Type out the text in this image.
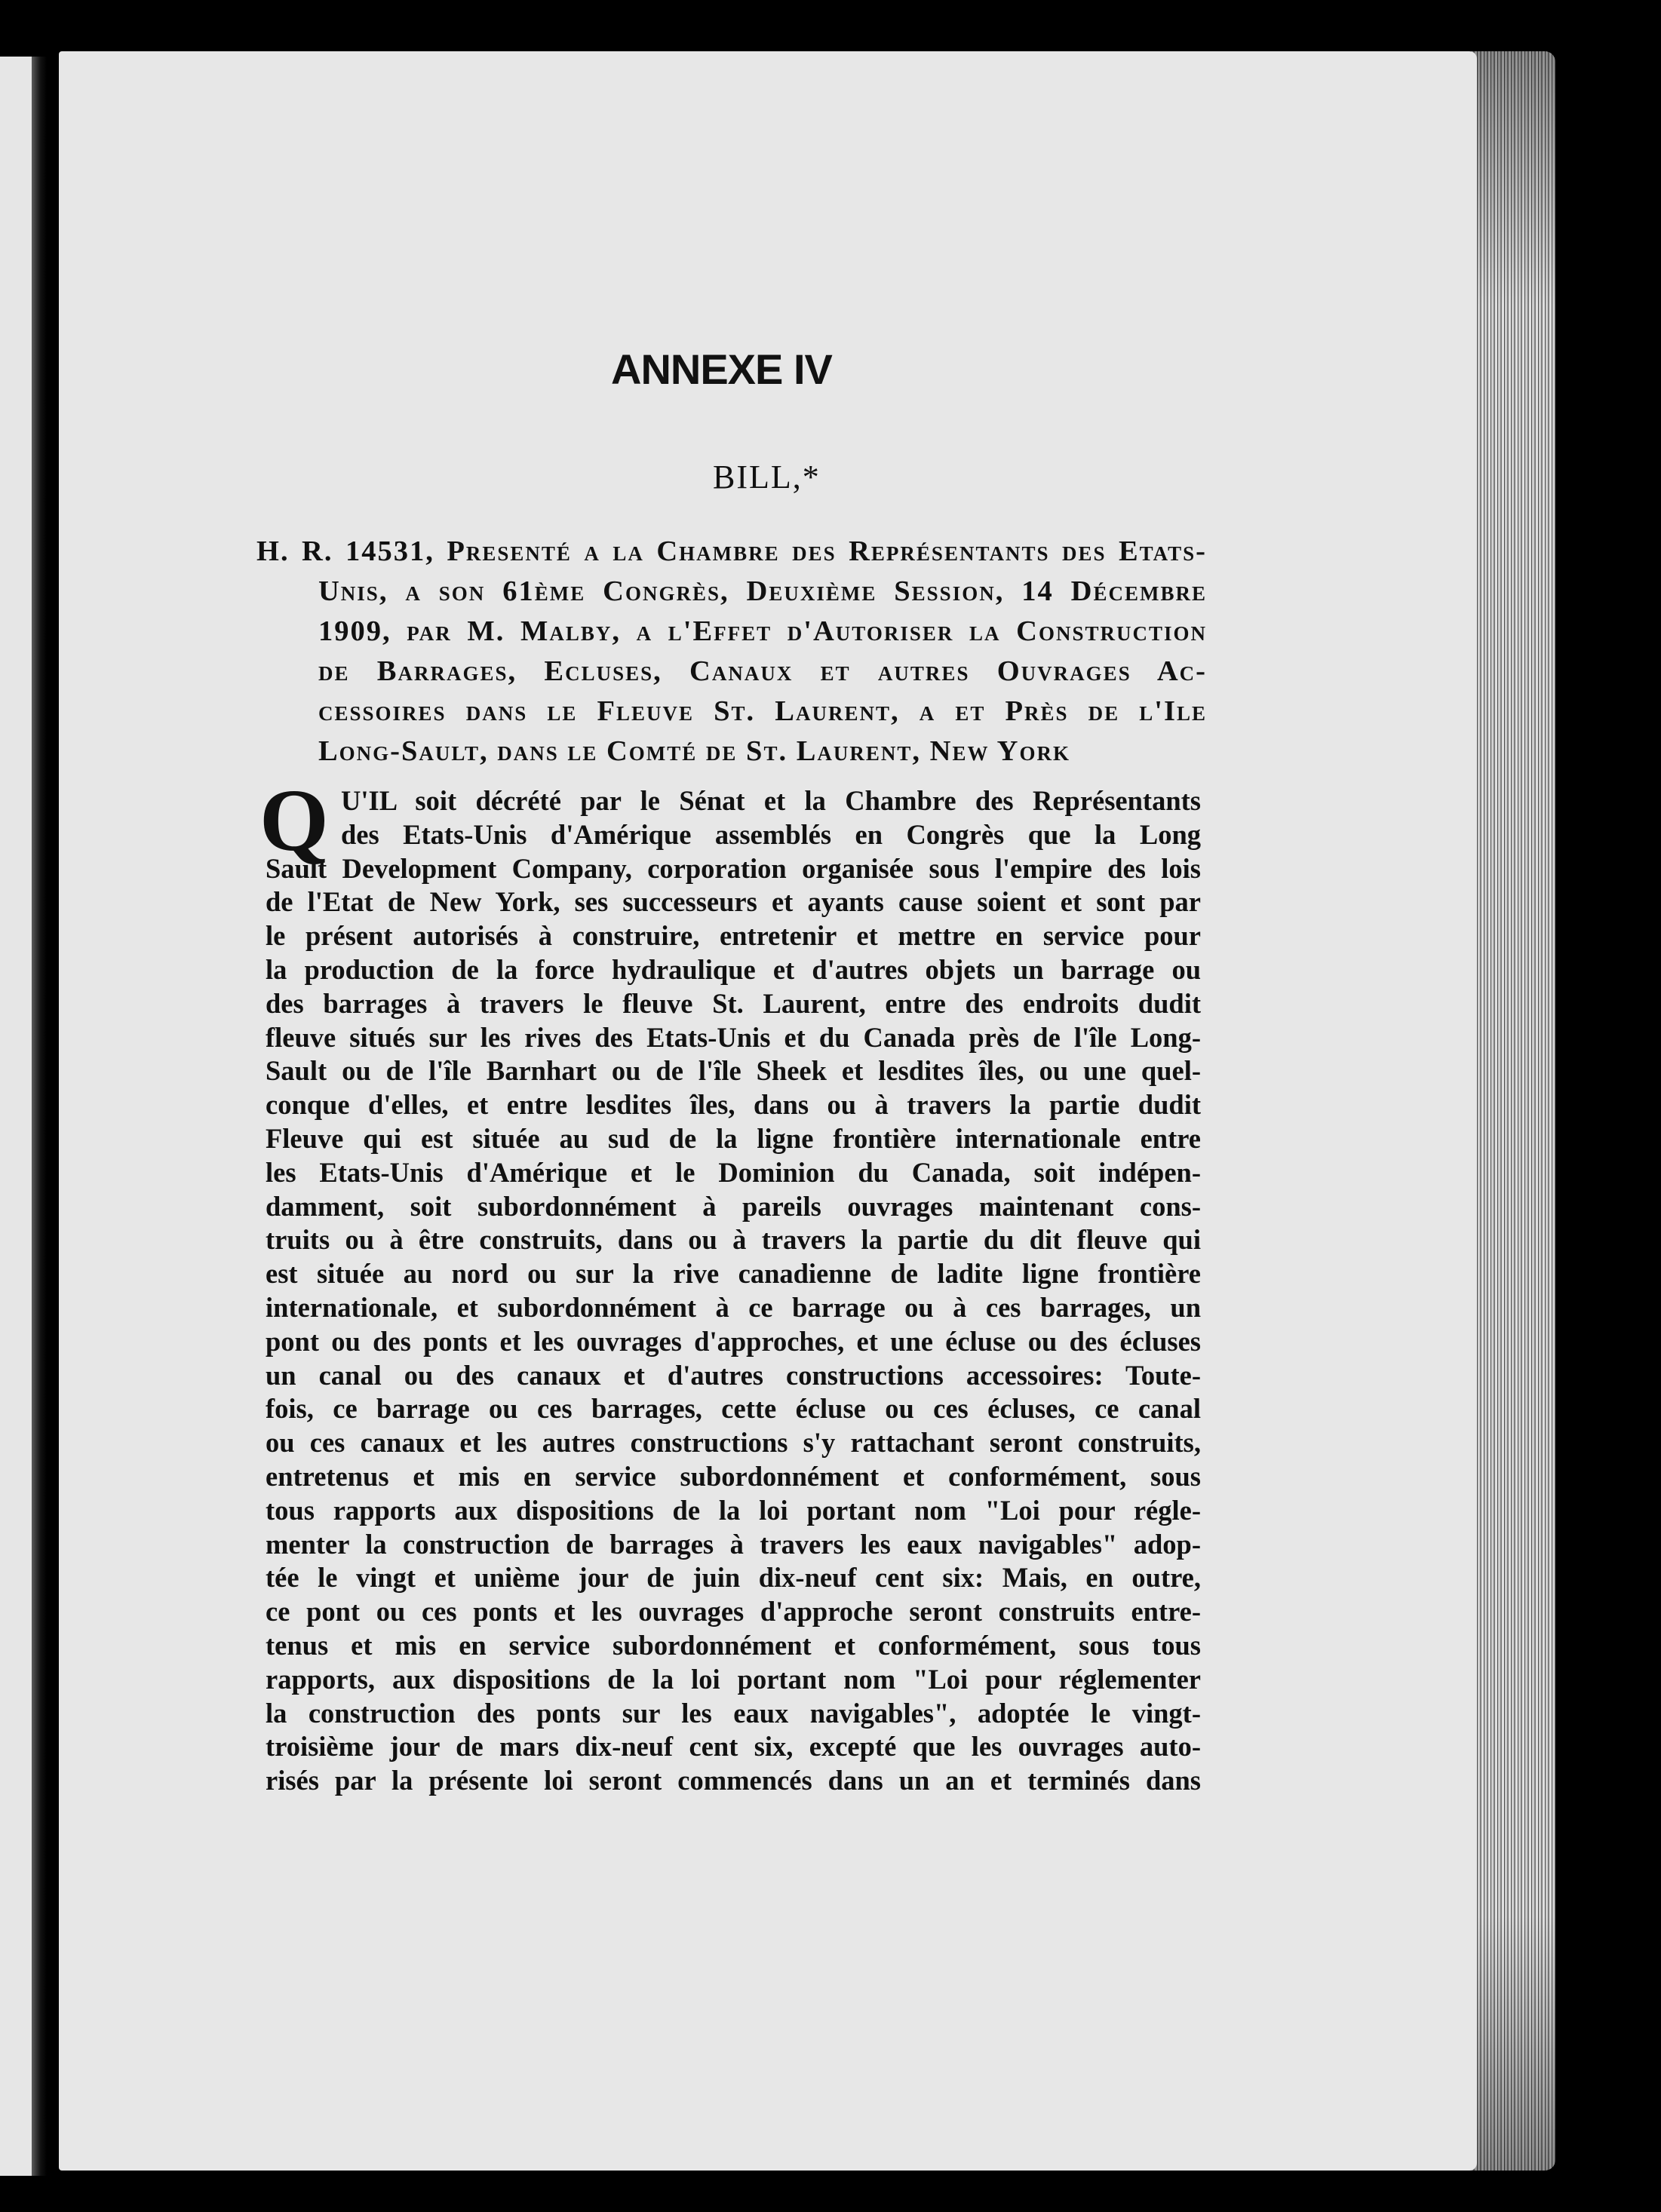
ANNEXE IV

BILL,*

H. R. 14531, Presenté a la Chambre des Représentants des Etats-
Unis, a son 61ème Congrès, Deuxième Session, 14 Décembre
1909, par M. Malby, a l'Effet d'Autoriser la Construction
de Barrages, Ecluses, Canaux et autres Ouvrages Ac-
cessoires dans le Fleuve St. Laurent, a et Près de l'Ile
Long-Sault, dans le Comté de St. Laurent, New York

Q U'IL soit décrété par le Sénat et la Chambre des Représentants
des Etats-Unis d'Amérique assemblés en Congrès que la Long
Sault Development Company, corporation organisée sous l'empire des lois
de l'Etat de New York, ses successeurs et ayants cause soient et sont par
le présent autorisés à construire, entretenir et mettre en service pour
la production de la force hydraulique et d'autres objets un barrage ou
des barrages à travers le fleuve St. Laurent, entre des endroits dudit
fleuve situés sur les rives des Etats-Unis et du Canada près de l'île Long-
Sault ou de l'île Barnhart ou de l'île Sheek et lesdites îles, ou une quel-
conque d'elles, et entre lesdites îles, dans ou à travers la partie dudit
Fleuve qui est située au sud de la ligne frontière internationale entre
les Etats-Unis d'Amérique et le Dominion du Canada, soit indépen-
damment, soit subordonnément à pareils ouvrages maintenant cons-
truits ou à être construits, dans ou à travers la partie du dit fleuve qui
est située au nord ou sur la rive canadienne de ladite ligne frontière
internationale, et subordonnément à ce barrage ou à ces barrages, un
pont ou des ponts et les ouvrages d'approches, et une écluse ou des écluses
un canal ou des canaux et d'autres constructions accessoires: Toute-
fois, ce barrage ou ces barrages, cette écluse ou ces écluses, ce canal
ou ces canaux et les autres constructions s'y rattachant seront construits,
entretenus et mis en service subordonnément et conformément, sous
tous rapports aux dispositions de la loi portant nom "Loi pour régle-
menter la construction de barrages à travers les eaux navigables" adop-
tée le vingt et unième jour de juin dix-neuf cent six: Mais, en outre,
ce pont ou ces ponts et les ouvrages d'approche seront construits entre-
tenus et mis en service subordonnément et conformément, sous tous
rapports, aux dispositions de la loi portant nom "Loi pour réglementer
la construction des ponts sur les eaux navigables", adoptée le vingt-
troisième jour de mars dix-neuf cent six, excepté que les ouvrages auto-
risés par la présente loi seront commencés dans un an et terminés dans
